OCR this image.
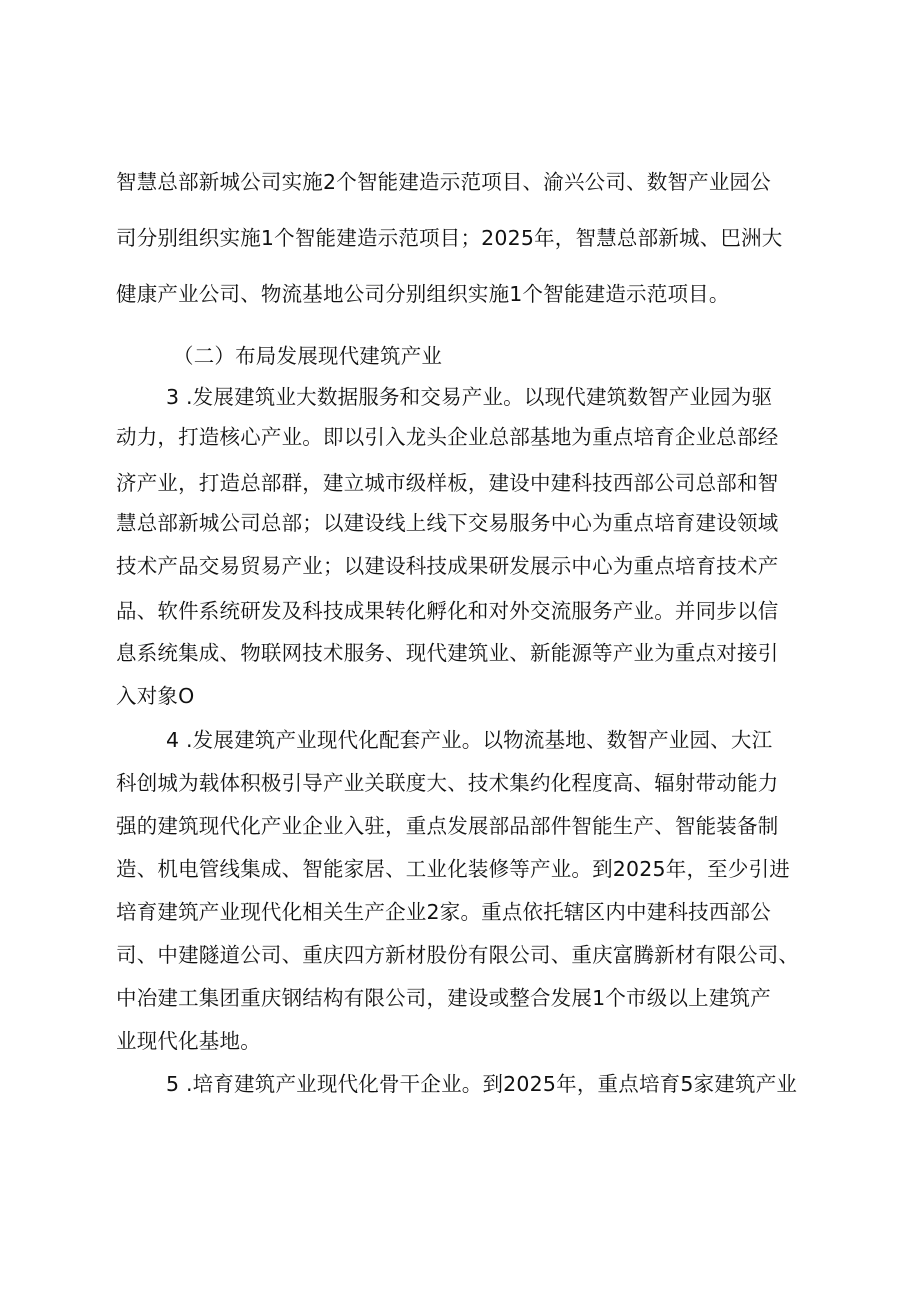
智慧总部新城公司实施2个智能建造示范项目、渝兴公司、数智产业园公
司分别组织实施1个智能建造示范项目；2025年，智慧总部新城、巴洲大
健康产业公司、物流基地公司分别组织实施1个智能建造示范项目。
（二）布局发展现代建筑产业
3 .发展建筑业大数据服务和交易产业。以现代建筑数智产业园为驱
动力，打造核心产业。即以引入龙头企业总部基地为重点培育企业总部经
济产业，打造总部群，建立城市级样板，建设中建科技西部公司总部和智
慧总部新城公司总部；以建设线上线下交易服务中心为重点培育建设领域
技术产品交易贸易产业；以建设科技成果研发展示中心为重点培育技术产
品、软件系统研发及科技成果转化孵化和对外交流服务产业。并同步以信
息系统集成、物联网技术服务、现代建筑业、新能源等产业为重点对接引
入对象O
4 .发展建筑产业现代化配套产业。以物流基地、数智产业园、大江
科创城为载体积极引导产业关联度大、技术集约化程度高、辐射带动能力
强的建筑现代化产业企业入驻，重点发展部品部件智能生产、智能装备制
造、机电管线集成、智能家居、工业化装修等产业。到2025年，至少引进
培育建筑产业现代化相关生产企业2家。重点依托辖区内中建科技西部公
司、中建隧道公司、重庆四方新材股份有限公司、重庆富腾新材有限公司、
中冶建工集团重庆钢结构有限公司，建设或整合发展1个市级以上建筑产
业现代化基地。
5 .培育建筑产业现代化骨干企业。到2025年，重点培育5家建筑产业
